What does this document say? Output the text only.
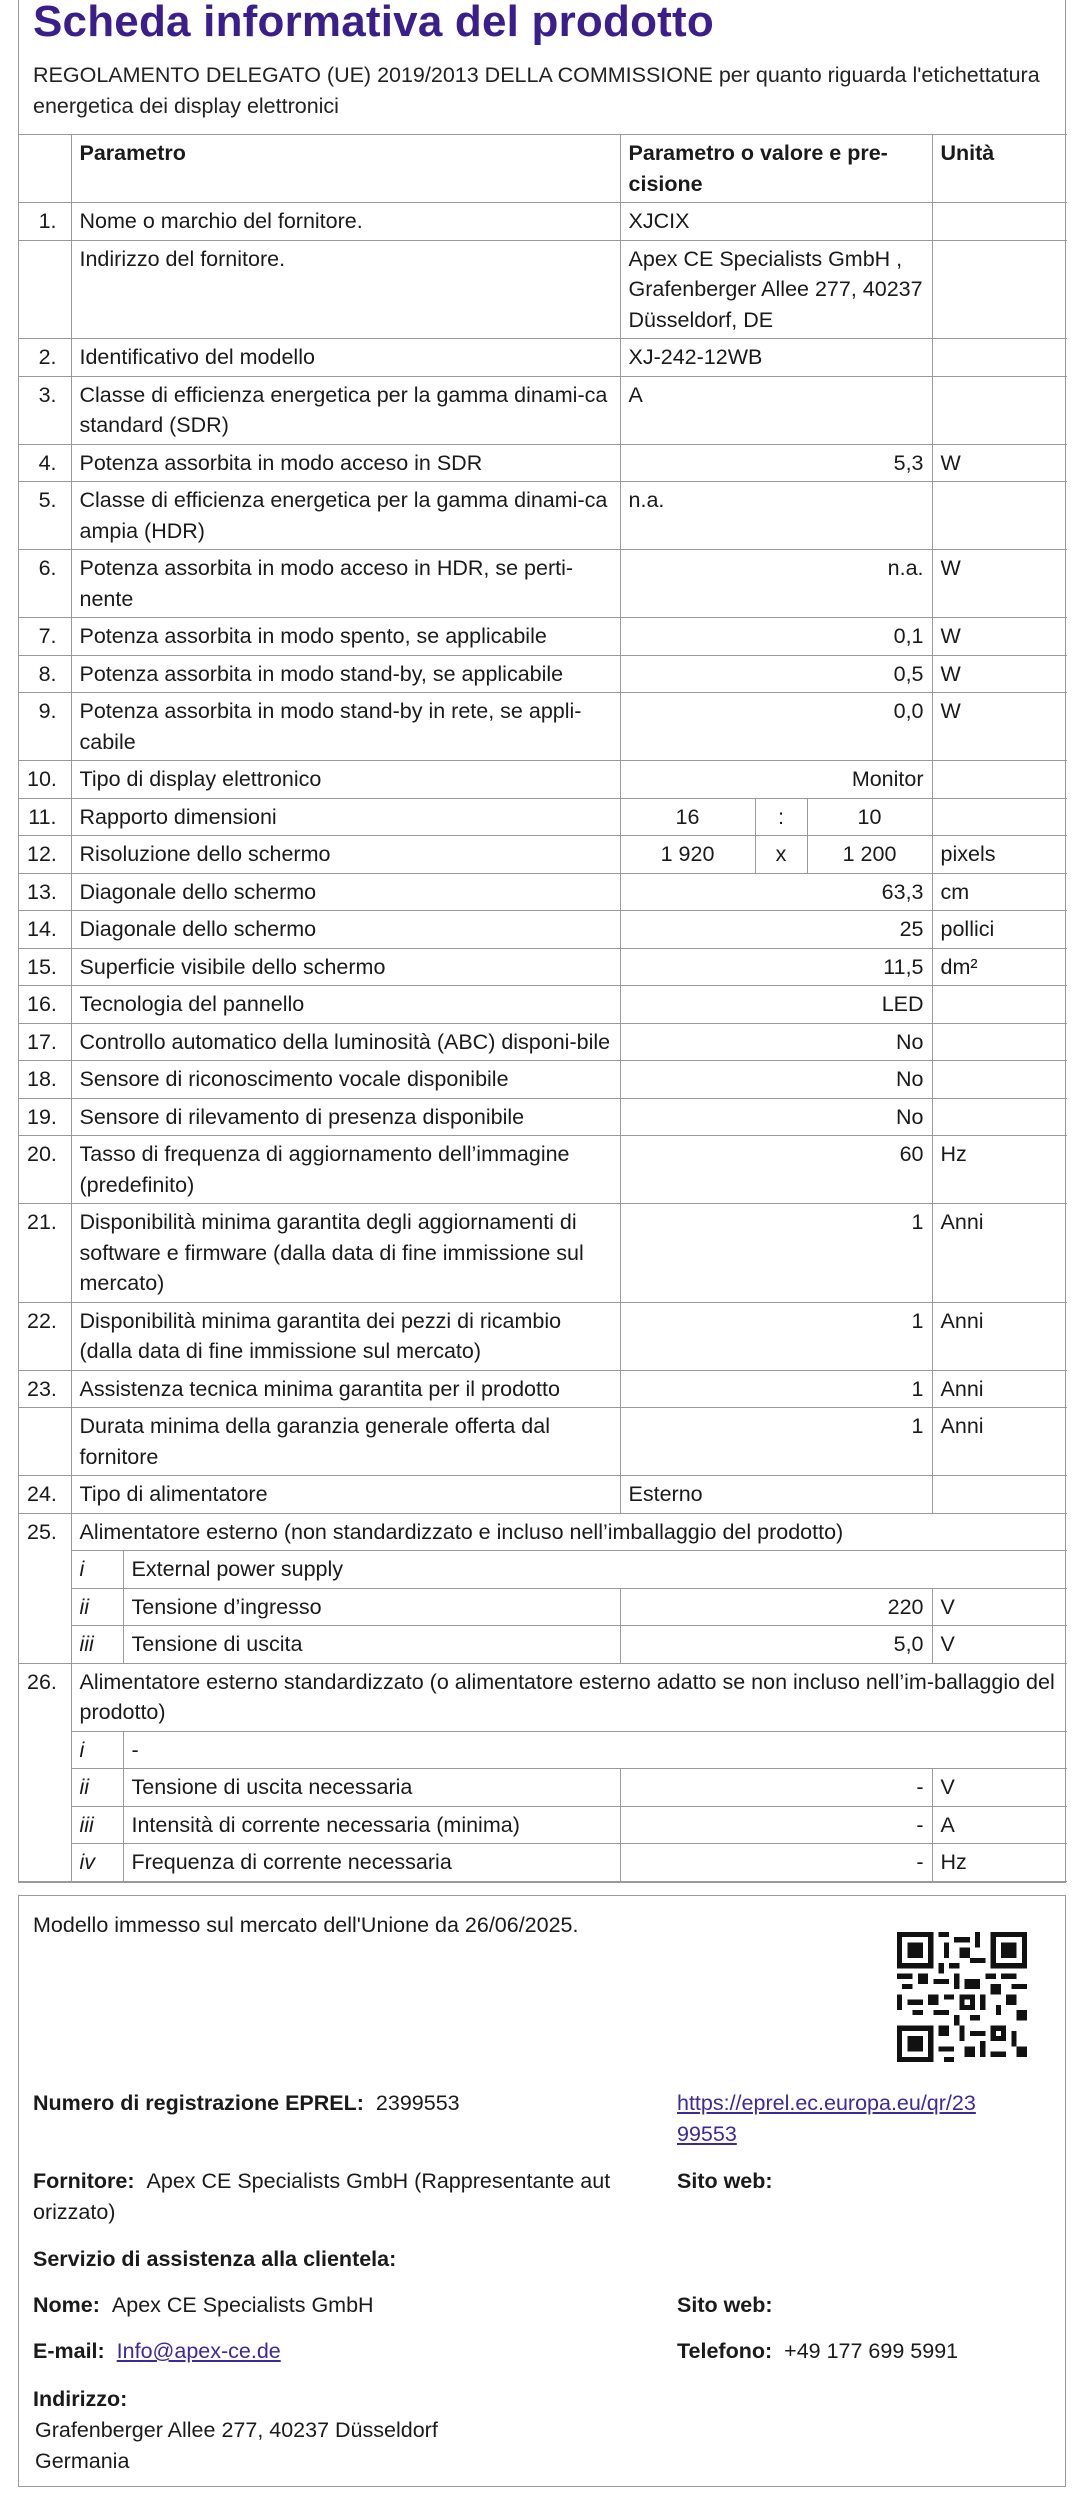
Scheda informativa del prodotto
REGOLAMENTO DELEGATO (UE) 2019/2013 DELLA COMMISSIONE per quanto riguarda l'etichettatura energetica dei display elettronici
	Parametro		Parametro o valore e pre-cisione			Unità
1.	Nome o marchio del fornitore.		XJCIX			
	Indirizzo del fornitore.		Apex CE Specialists GmbH , Grafenberger Allee 277, 40237 Düsseldorf, DE			
2.	Identificativo del modello		XJ-242-12WB			
3.	Classe di efficienza energetica per la gamma dinami-ca standard (SDR)		A			
4.	Potenza assorbita in modo acceso in SDR		5,3			W
5.	Classe di efficienza energetica per la gamma dinami-ca ampia (HDR)		n.a.			
6.	Potenza assorbita in modo acceso in HDR, se perti-nente		n.a.			W
7.	Potenza assorbita in modo spento, se applicabile		0,1			W
8.	Potenza assorbita in modo stand-by, se applicabile		0,5			W
9.	Potenza assorbita in modo stand-by in rete, se appli-cabile		0,0			W
10.	Tipo di display elettronico		Monitor			
11.	Rapporto dimensioni		16	:	10	
12.	Risoluzione dello schermo		1 920	x	1 200	pixels
13.	Diagonale dello schermo		63,3			cm
14.	Diagonale dello schermo		25			pollici
15.	Superficie visibile dello schermo		11,5			dm²
16.	Tecnologia del pannello		LED			
17.	Controllo automatico della luminosità (ABC) disponi-bile		No			
18.	Sensore di riconoscimento vocale disponibile		No			
19.	Sensore di rilevamento di presenza disponibile		No			
20.	Tasso di frequenza di aggiornamento dell’immagine (predefinito)		60			Hz
21.	Disponibilità minima garantita degli aggiornamenti di software e firmware (dalla data di fine immissione sul mercato)		1			Anni
22.	Disponibilità minima garantita dei pezzi di ricambio (dalla data di fine immissione sul mercato)		1			Anni
23.	Assistenza tecnica minima garantita per il prodotto		1			Anni
	Durata minima della garanzia generale offerta dal fornitore		1			Anni
24.	Tipo di alimentatore		Esterno			
25.	Alimentatore esterno (non standardizzato e incluso nell’imballaggio del prodotto)					
	i	External power supply				
	ii	Tensione d’ingresso	220			V
	iii	Tensione di uscita	5,0			V
26.	Alimentatore esterno standardizzato (o alimentatore esterno adatto se non incluso nell’im-ballaggio del prodotto)					
	i	-				
	ii	Tensione di uscita necessaria	-			V
	iii	Intensità di corrente necessaria (minima)	-			A
	iv	Frequenza di corrente necessaria	-			Hz
Modello immesso sul mercato dell'Unione da 26/06/2025.
Numero di registrazione EPREL: 2399553	https://eprel.ec.europa.eu/qr/23
99553
Fornitore: Apex CE Specialists GmbH (Rappresentante aut
orizzato)
Sito web:
Servizio di assistenza alla clientela:
Nome: Apex CE Specialists GmbH	Sito web:
E-mail: Info@apex-ce.de	Telefono: +49 177 699 5991
Indirizzo:
Grafenberger Allee 277, 40237 Düsseldorf
Germania
